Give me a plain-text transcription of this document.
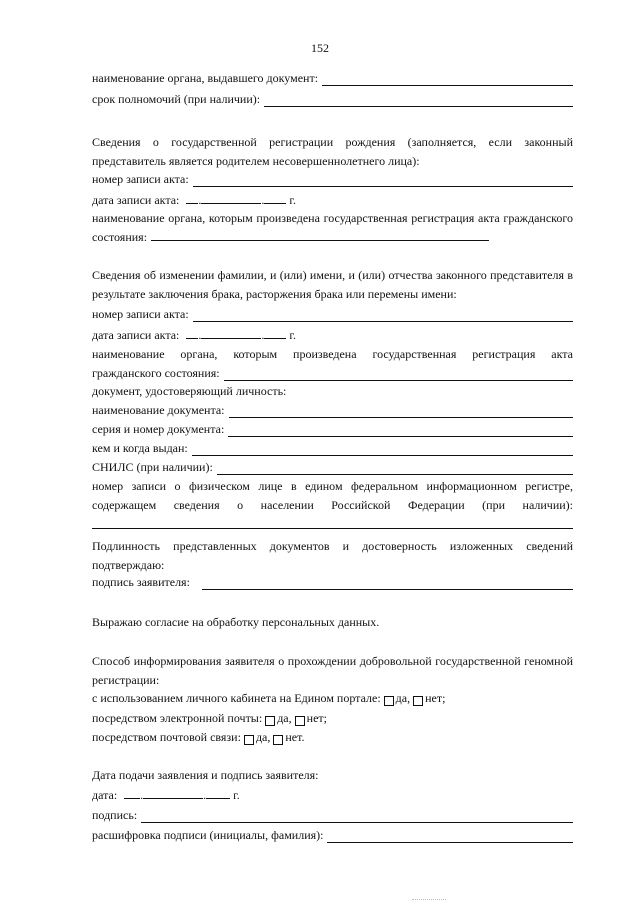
152
наименование органа, выдавшего документ:
срок полномочий (при наличии):
Сведения о государственной регистрации рождения (заполняется, если законный представитель является родителем несовершеннолетнего лица):
номер записи акта:
дата записи акта: .	. г.
наименование органа, которым произведена государственная регистрация акта гражданского состояния:
Сведения об изменении фамилии, и (или) имени, и (или) отчества законного представителя в результате заключения брака, расторжения брака или перемены имени:
номер записи акта:
дата записи акта: .	. г.
наименование органа, которым произведена государственная регистрация акта
гражданского состояния:
документ, удостоверяющий личность:
наименование документа:
серия и номер документа:
кем и когда выдан:
СНИЛС (при наличии):
номер записи о физическом лице в едином федеральном информационном регистре, содержащем сведения о населении Российской Федерации (при наличии):
Подлинность представленных документов и достоверность изложенных сведений подтверждаю:
подпись заявителя:
Выражаю согласие на обработку персональных данных.
Способ информирования заявителя о прохождении добровольной государственной геномной регистрации:
с использованием личного кабинета на Едином портале: да, нет;
посредством электронной почты: да, нет;
посредством почтовой связи: да, нет.
Дата подачи заявления и подпись заявителя:
дата: .	. г.
подпись:
расшифровка подписи (инициалы, фамилия):
